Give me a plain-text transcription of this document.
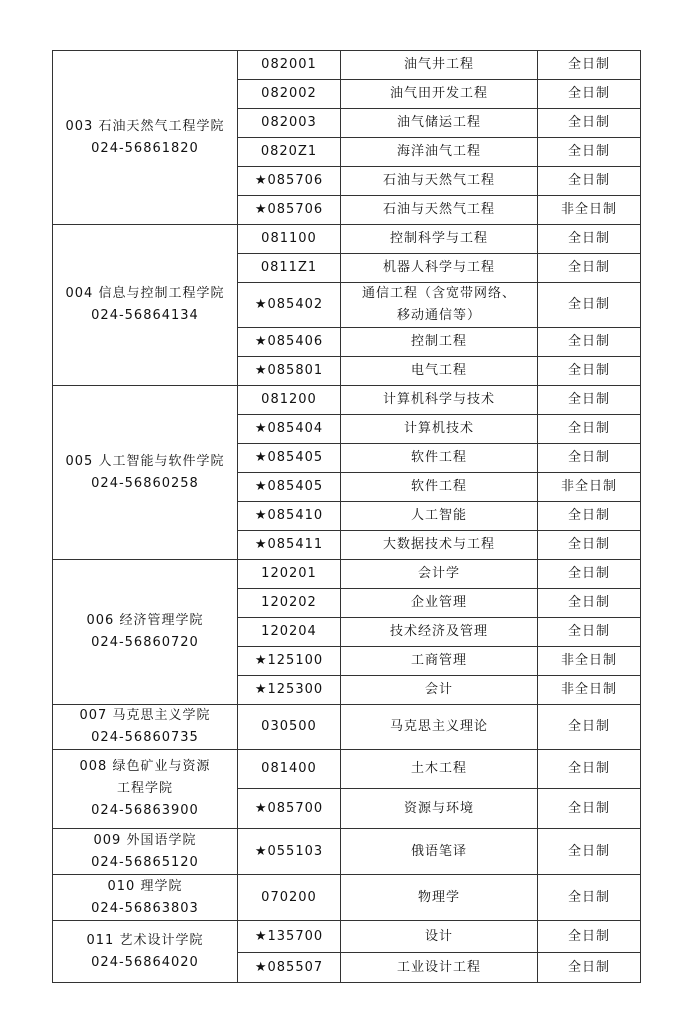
003 石油天然气工程学院
024-56861820	082001	油气井工程	全日制
	082002	油气田开发工程	全日制
	082003	油气储运工程	全日制
	0820Z1	海洋油气工程	全日制
	★085706	石油与天然气工程	全日制
	★085706	石油与天然气工程	非全日制

004 信息与控制工程学院
024-56864134	081100	控制科学与工程	全日制
	0811Z1	机器人科学与工程	全日制
	★085402	通信工程（含宽带网络、
移动通信等）	全日制
	★085406	控制工程	全日制
	★085801	电气工程	全日制

005 人工智能与软件学院
024-56860258	081200	计算机科学与技术	全日制
	★085404	计算机技术	全日制
	★085405	软件工程	全日制
	★085405	软件工程	非全日制
	★085410	人工智能	全日制
	★085411	大数据技术与工程	全日制

006 经济管理学院
024-56860720	120201	会计学	全日制
	120202	企业管理	全日制
	120204	技术经济及管理	全日制
	★125100	工商管理	非全日制
	★125300	会计	非全日制

007 马克思主义学院
024-56860735	030500	马克思主义理论	全日制

008 绿色矿业与资源
工程学院
024-56863900	081400	土木工程	全日制
	★085700	资源与环境	全日制

009 外国语学院
024-56865120	★055103	俄语笔译	全日制

010 理学院
024-56863803	070200	物理学	全日制

011 艺术设计学院
024-56864020	★135700	设计	全日制
	★085507	工业设计工程	全日制
